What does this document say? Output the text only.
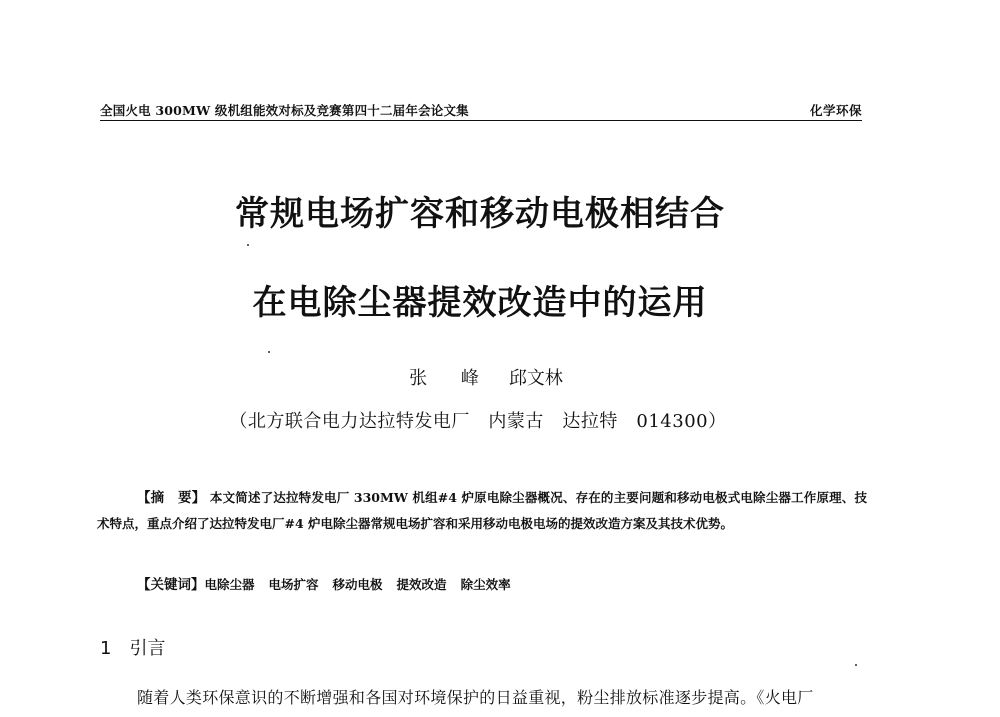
全国火电 300MW 级机组能效对标及竞赛第四十二届年会论文集	化学环保
常规电场扩容和移动电极相结合
在电除尘器提效改造中的运用
张 峰 邱文林
（北方联合电力达拉特发电厂　内蒙古　达拉特　014300）

【摘　要】 本文简述了达拉特发电厂 330MW 机组#4 炉原电除尘器概况、存在的主要问题和移动电极式电除尘器工作原理、技术特点，重点介绍了达拉特发电厂#4 炉电除尘器常规电场扩容和采用移动电极电场的提效改造方案及其技术优势。

【关键词】电除尘器 电场扩容 移动电极 提效改造 除尘效率
1 引言
随着人类环保意识的不断增强和各国对环境保护的日益重视，粉尘排放标准逐步提高。《火电厂
